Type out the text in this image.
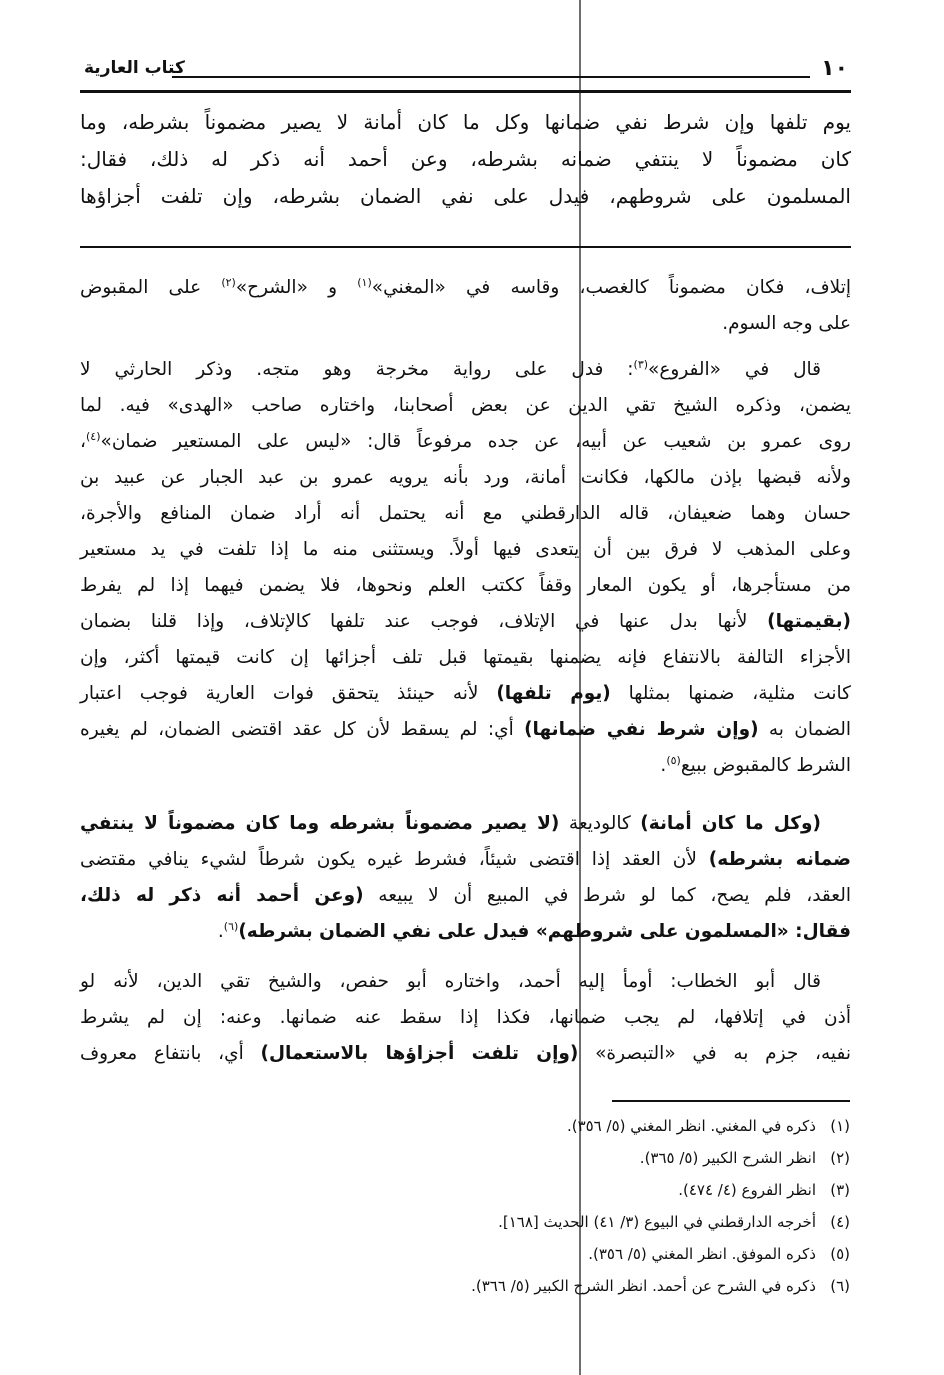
١٠
كتاب العارية
يوم تلفها وإن شرط نفي ضمانها وكل ما كان أمانة لا يصير مضموناً بشرطه، وما
كان مضموناً لا ينتفي ضمانه بشرطه، وعن أحمد أنه ذكر له ذلك، فقال:
المسلمون على شروطهم، فيدل على نفي الضمان بشرطه، وإن تلفت أجزاؤها
إتلاف، فكان مضموناً كالغصب، وقاسه في «المغني»$^{(١)}$ و «الشرح»$^{(٢)}$ على المقبوض
على وجه السوم.
قال في «الفروع»$^{(٣)}$: فدل على رواية مخرجة وهو متجه. وذكر الحارثي لا
يضمن، وذكره الشيخ تقي الدين عن بعض أصحابنا، واختاره صاحب «الهدى» فيه. لما
روى عمرو بن شعيب عن أبيه، عن جده مرفوعاً قال: «ليس على المستعير ضمان»$^{(٤)}$،
ولأنه قبضها بإذن مالكها، فكانت أمانة، ورد بأنه يرويه عمرو بن عبد الجبار عن عبيد بن
حسان وهما ضعيفان، قاله الدارقطني مع أنه يحتمل أنه أراد ضمان المنافع والأجرة،
وعلى المذهب لا فرق بين أن يتعدى فيها أولاً. ويستثنى منه ما إذا تلفت في يد مستعير
من مستأجرها، أو يكون المعار وقفاً ككتب العلم ونحوها، فلا يضمن فيهما إذا لم يفرط
(بقيمتها) لأنها بدل عنها في الإتلاف، فوجب عند تلفها كالإتلاف، وإذا قلنا بضمان
الأجزاء التالفة بالانتفاع فإنه يضمنها بقيمتها قبل تلف أجزائها إن كانت قيمتها أكثر، وإن
كانت مثلية، ضمنها بمثلها (يوم تلفها) لأنه حينئذ يتحقق فوات العارية فوجب اعتبار
الضمان به (وإن شرط نفي ضمانها) أي: لم يسقط لأن كل عقد اقتضى الضمان، لم يغيره
الشرط كالمقبوض ببيع$^{(٥)}$.
(وكل ما كان أمانة) كالوديعة (لا يصير مضموناً بشرطه وما كان مضموناً لا ينتفي
ضمانه بشرطه) لأن العقد إذا اقتضى شيئاً، فشرط غيره يكون شرطاً لشيء ينافي مقتضى
العقد، فلم يصح، كما لو شرط في المبيع أن لا يبيعه (وعن أحمد أنه ذكر له ذلك،
فقال: «المسلمون على شروطهم» فيدل على نفي الضمان بشرطه)$^{(٦)}$.
قال أبو الخطاب: أومأ إليه أحمد، واختاره أبو حفص، والشيخ تقي الدين، لأنه لو
أذن في إتلافها، لم يجب ضمانها، فكذا إذا سقط عنه ضمانها. وعنه: إن لم يشرط
نفيه، جزم به في «التبصرة» (وإن تلفت أجزاؤها بالاستعمال) أي، بانتفاع معروف
(١)ذكره في المغني. انظر المغني (٥/ ٣٥٦).
(٢)انظر الشرح الكبير (٥/ ٣٦٥).
(٣)انظر الفروع (٤/ ٤٧٤).
(٤)أخرجه الدارقطني في البيوع (٣/ ٤١) الحديث [١٦٨].
(٥)ذكره الموفق. انظر المغني (٥/ ٣٥٦).
(٦)ذكره في الشرح عن أحمد. انظر الشرح الكبير (٥/ ٣٦٦).
